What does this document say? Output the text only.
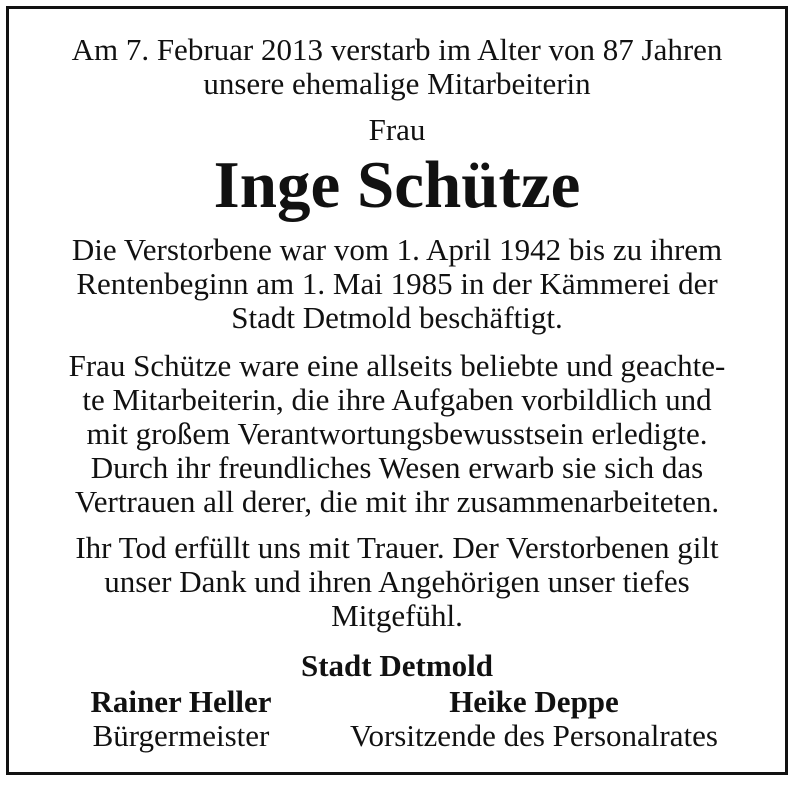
Am 7. Februar 2013 verstarb im Alter von 87 Jahren
unsere ehemalige Mitarbeiterin
Frau
Inge Schütze
Die Verstorbene war vom 1. April 1942 bis zu ihrem
Rentenbeginn am 1. Mai 1985 in der Kämmerei der
Stadt Detmold beschäftigt.
Frau Schütze ware eine allseits beliebte und geachte-
te Mitarbeiterin, die ihre Aufgaben vorbildlich und
mit großem Verantwortungsbewusstsein erledigte.
Durch ihr freundliches Wesen erwarb sie sich das
Vertrauen all derer, die mit ihr zusammenarbeiteten.
Ihr Tod erfüllt uns mit Trauer. Der Verstorbenen gilt
unser Dank und ihren Angehörigen unser tiefes
Mitgefühl.
Stadt Detmold
Rainer Heller
Bürgermeister
Heike Deppe
Vorsitzende des Personalrates
